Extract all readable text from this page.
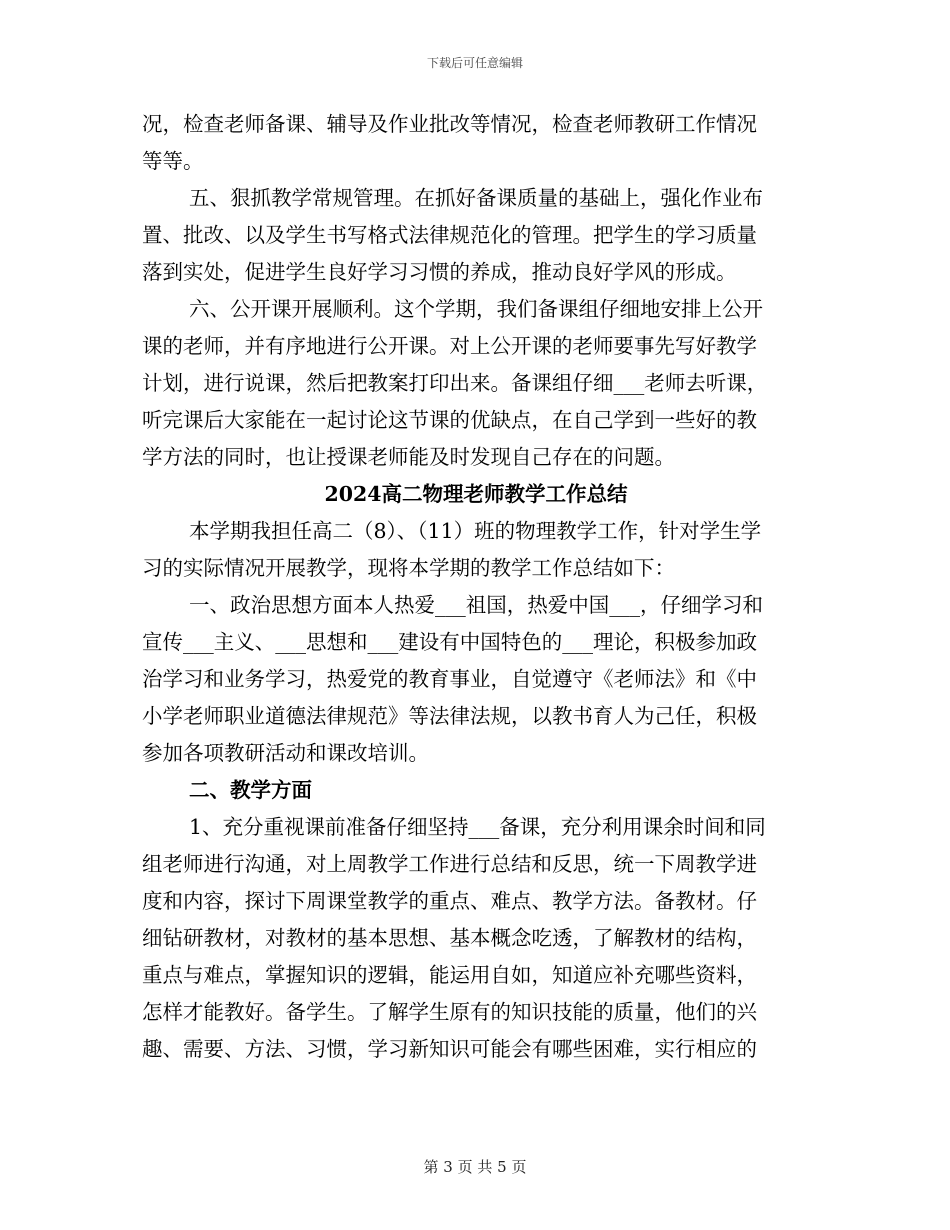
下载后可任意编辑
况，检查老师备课、辅导及作业批改等情况，检查老师教研工作情况
等等。
五、狠抓教学常规管理。在抓好备课质量的基础上，强化作业布
置、批改、以及学生书写格式法律规范化的管理。把学生的学习质量
落到实处，促进学生良好学习习惯的养成，推动良好学风的形成。
六、公开课开展顺利。这个学期，我们备课组仔细地安排上公开
课的老师，并有序地进行公开课。对上公开课的老师要事先写好教学
计划，进行说课，然后把教案打印出来。备课组仔细___老师去听课，
听完课后大家能在一起讨论这节课的优缺点，在自己学到一些好的教
学方法的同时，也让授课老师能及时发现自己存在的问题。
2024高二物理老师教学工作总结
本学期我担任高二（8）、（11）班的物理教学工作，针对学生学
习的实际情况开展教学，现将本学期的教学工作总结如下：
一、政治思想方面本人热爱___祖国，热爱中国___，仔细学习和
宣传___主义、___思想和___建设有中国特色的___理论，积极参加政
治学习和业务学习，热爱党的教育事业，自觉遵守《老师法》和《中
小学老师职业道德法律规范》等法律法规，以教书育人为己任，积极
参加各项教研活动和课改培训。
二、教学方面
1、充分重视课前准备仔细坚持___备课，充分利用课余时间和同
组老师进行沟通，对上周教学工作进行总结和反思，统一下周教学进
度和内容，探讨下周课堂教学的重点、难点、教学方法。备教材。仔
细钻研教材，对教材的基本思想、基本概念吃透，了解教材的结构，
重点与难点，掌握知识的逻辑，能运用自如，知道应补充哪些资料，
怎样才能教好。备学生。了解学生原有的知识技能的质量，他们的兴
趣、需要、方法、习惯，学习新知识可能会有哪些困难，实行相应的
第 3 页 共 5 页
